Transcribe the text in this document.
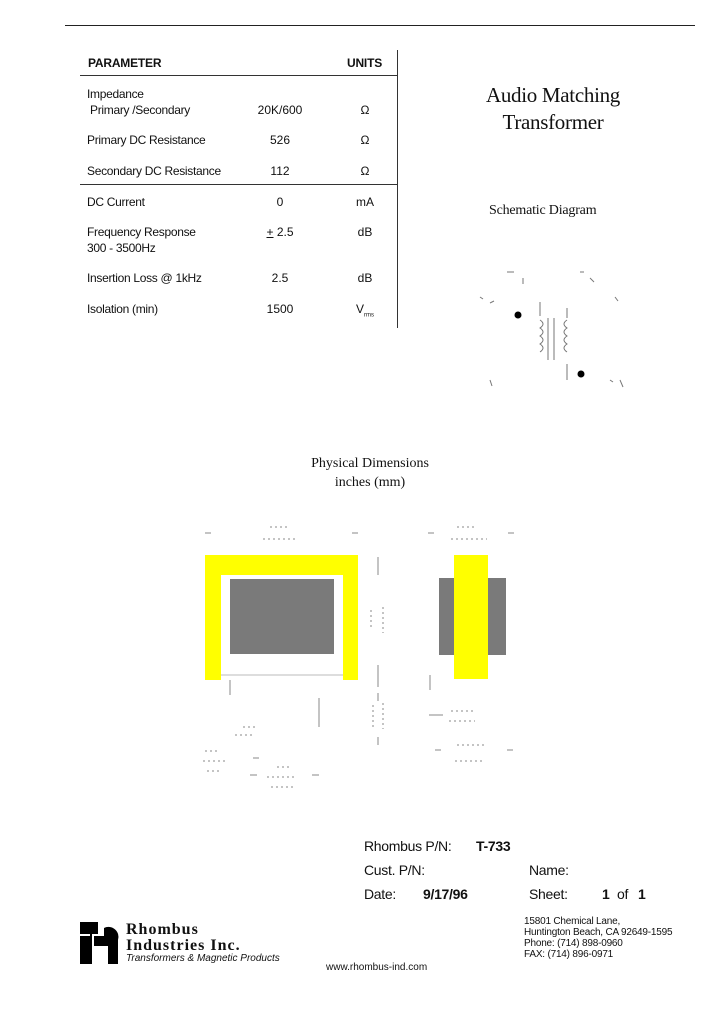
PARAMETER	UNITS
Impedance
Primary /Secondary	20K/600	Ω
Primary DC Resistance	526	Ω
Secondary DC Resistance	112	Ω
DC Current	0	mA
Frequency Response
300 - 3500Hz
+ 2.5	dB
Insertion Loss @ 1kHz	2.5	dB
Isolation (min)	1500	$V_{rms}$
Audio Matching
Transformer
Schematic Diagram
Physical Dimensions
inches (mm)
Rhombus P/N: T-733
Cust. P/N:	Name:
Date: 9/17/96	Sheet: 1 of 1
15801 Chemical Lane,
Huntington Beach, CA 92649-1595
Phone: (714) 898-0960
FAX: (714) 896-0971
Rhombus
Industries Inc.
Transformers & Magnetic Products
www.rhombus-ind.com
